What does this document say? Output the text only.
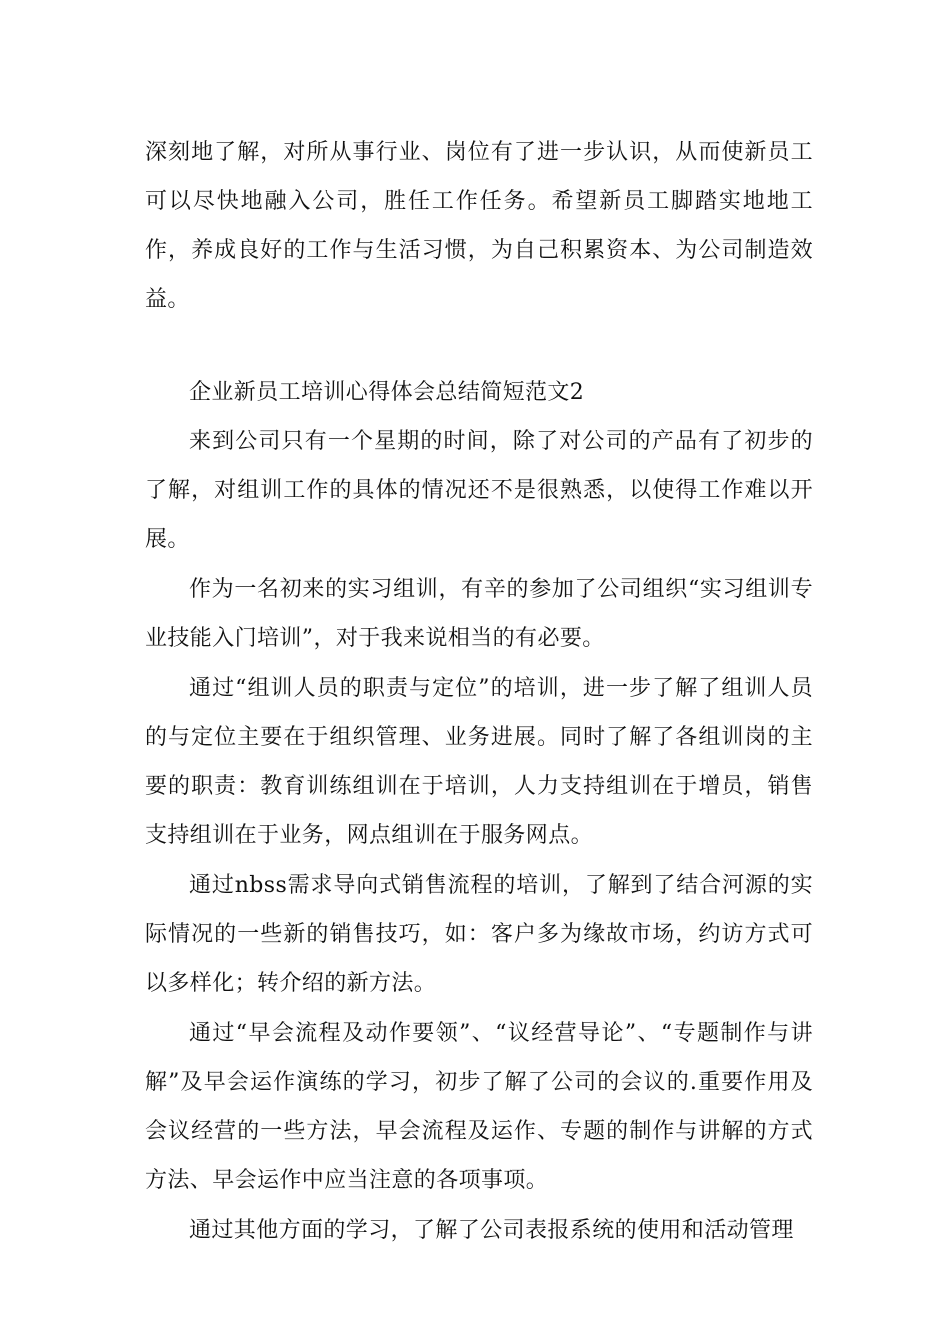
深刻地了解，对所从事行业、岗位有了进一步认识，从而使新员工可以尽快地融入公司，胜任工作任务。希望新员工脚踏实地地工作，养成良好的工作与生活习惯，为自己积累资本、为公司制造效益。

企业新员工培训心得体会总结简短范文2

来到公司只有一个星期的时间，除了对公司的产品有了初步的了解，对组训工作的具体的情况还不是很熟悉，以使得工作难以开展。

作为一名初来的实习组训，有辛的参加了公司组织“实习组训专业技能入门培训”，对于我来说相当的有必要。

通过“组训人员的职责与定位”的培训，进一步了解了组训人员的与定位主要在于组织管理、业务进展。同时了解了各组训岗的主要的职责：教育训练组训在于培训，人力支持组训在于增员，销售支持组训在于业务，网点组训在于服务网点。

通过nbss需求导向式销售流程的培训，了解到了结合河源的实际情况的一些新的销售技巧，如：客户多为缘故市场，约访方式可以多样化；转介绍的新方法。

通过“早会流程及动作要领”、“议经营导论”、“专题制作与讲解”及早会运作演练的学习，初步了解了公司的会议的.重要作用及会议经营的一些方法，早会流程及运作、专题的制作与讲解的方式方法、早会运作中应当注意的各项事项。

通过其他方面的学习，了解了公司表报系统的使用和活动管理
